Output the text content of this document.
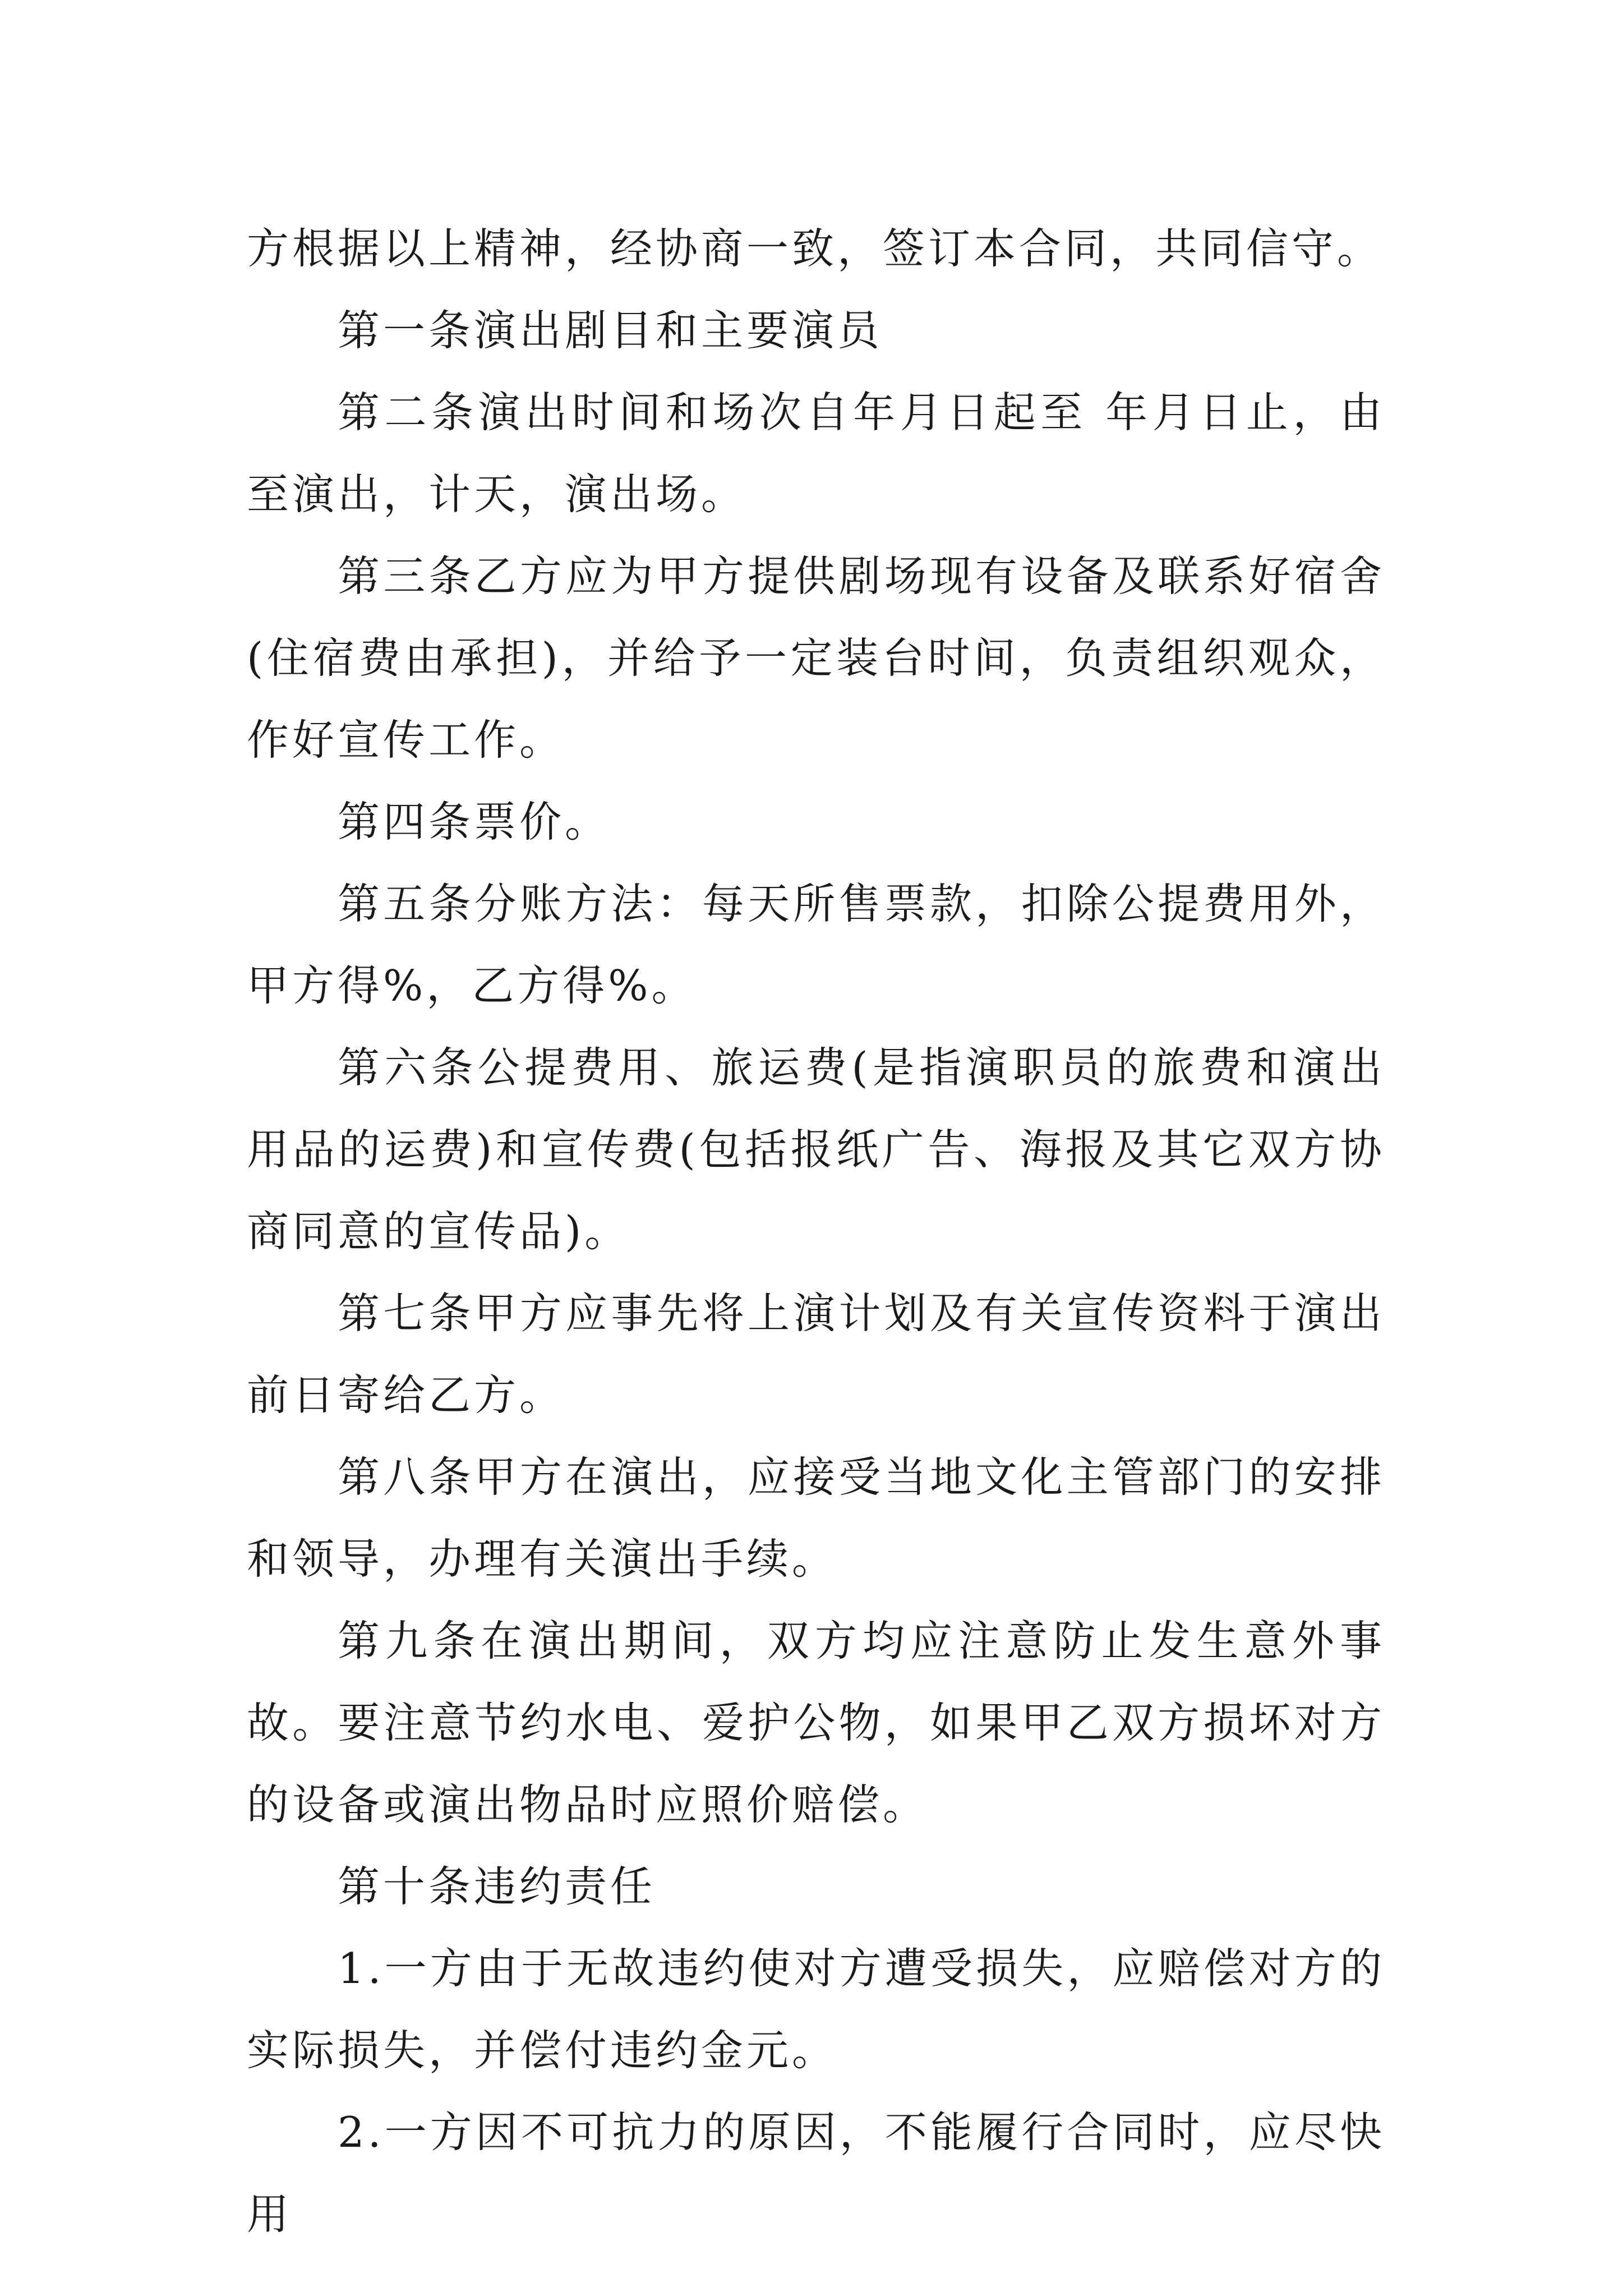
方根据以上精神，经协商一致，签订本合同，共同信守。

第一条演出剧目和主要演员

第二条演出时间和场次自年月日起至 年月日止，由至演出，计天，演出场。

第三条乙方应为甲方提供剧场现有设备及联系好宿舍(住宿费由承担)，并给予一定装台时间，负责组织观众，作好宣传工作。

第四条票价。

第五条分账方法：每天所售票款，扣除公提费用外，甲方得%，乙方得%。

第六条公提费用、旅运费(是指演职员的旅费和演出用品的运费)和宣传费(包括报纸广告、海报及其它双方协商同意的宣传品)。

第七条甲方应事先将上演计划及有关宣传资料于演出前日寄给乙方。

第八条甲方在演出，应接受当地文化主管部门的安排和领导，办理有关演出手续。

第九条在演出期间，双方均应注意防止发生意外事故。要注意节约水电、爱护公物，如果甲乙双方损坏对方的设备或演出物品时应照价赔偿。

第十条违约责任

1.一方由于无故违约使对方遭受损失，应赔偿对方的实际损失，并偿付违约金元。

2.一方因不可抗力的原因，不能履行合同时，应尽快用
